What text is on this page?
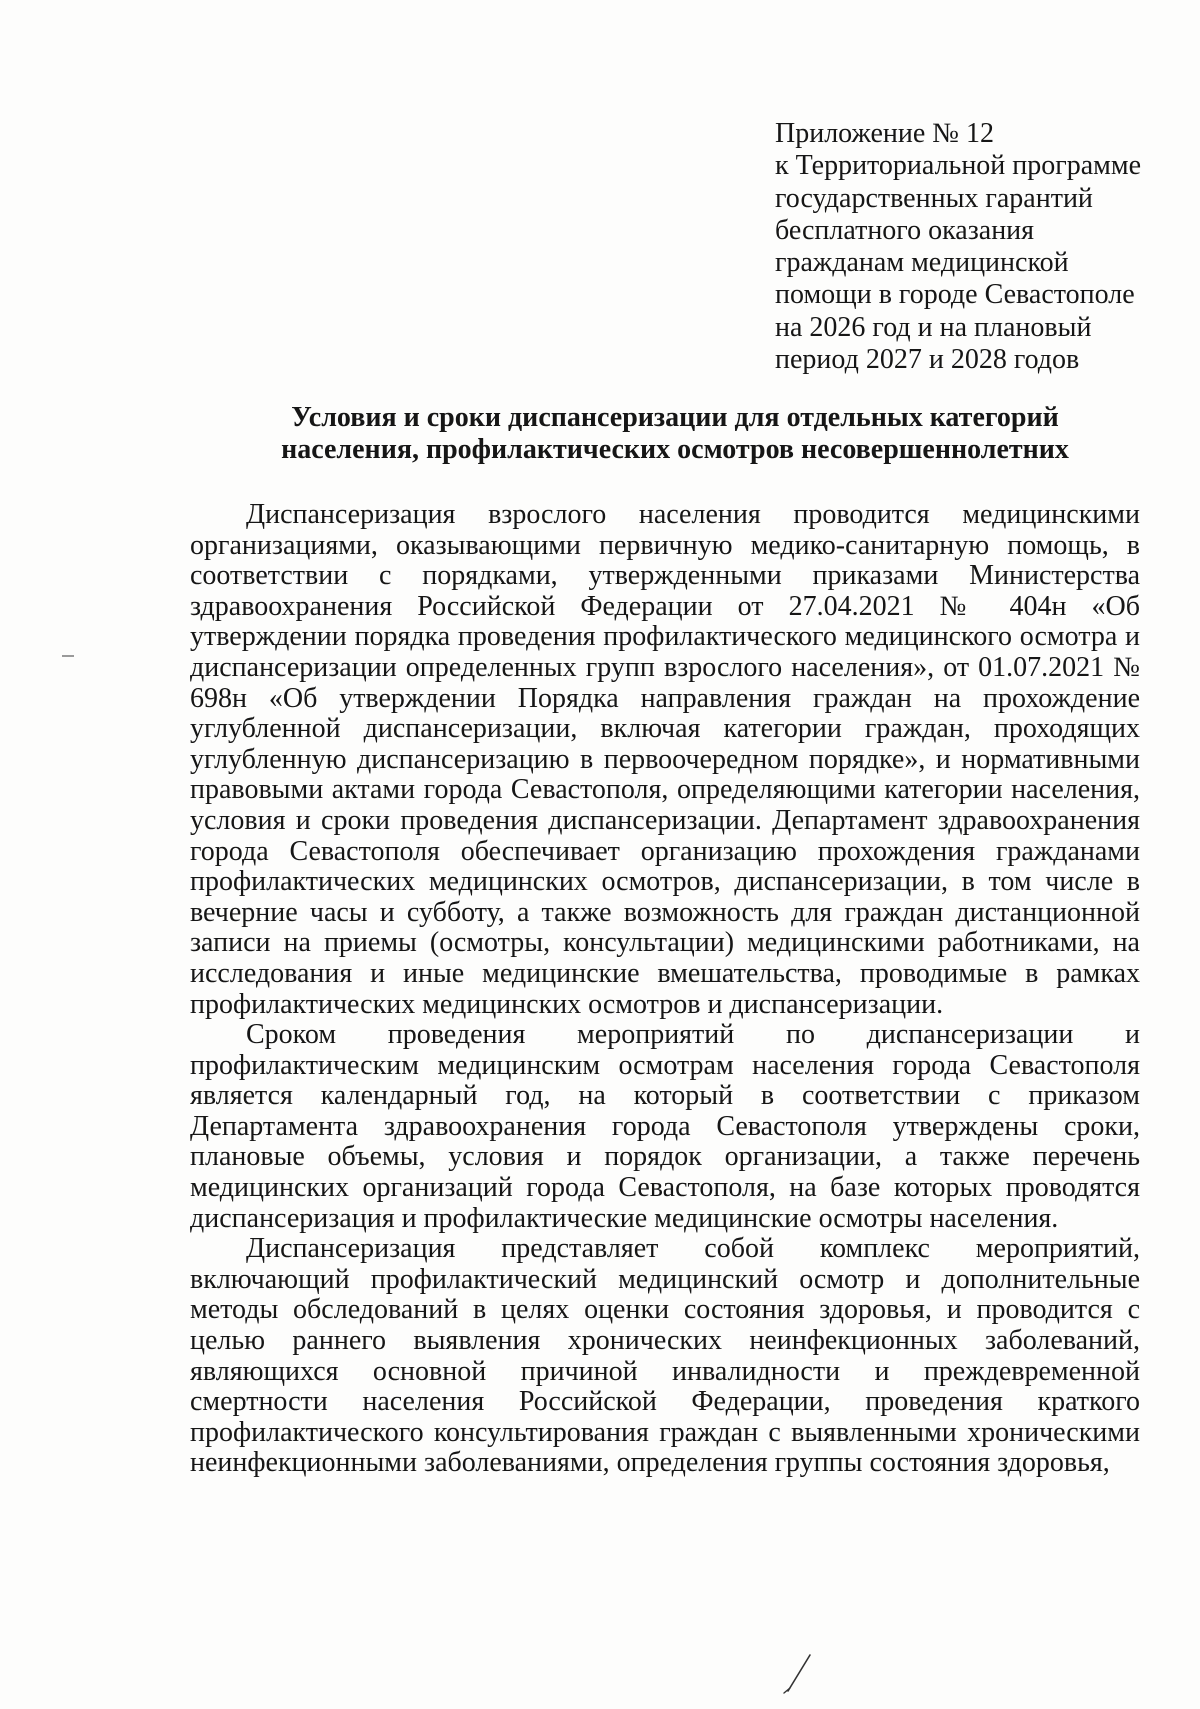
Приложение № 12
к Территориальной программе
государственных гарантий
бесплатного оказания
гражданам медицинской
помощи в городе Севастополе
на 2026 год и на плановый
период 2027 и 2028 годов
Условия и сроки диспансеризации для отдельных категорий
населения, профилактических осмотров несовершеннолетних

Диспансеризация взрослого населения проводится медицинскими организациями, оказывающими первичную медико-санитарную помощь, в соответствии с порядками, утвержденными приказами Министерства здравоохранения Российской Федерации от 27.04.2021 № 404н «Об утверждении порядка проведения профилактического медицинского осмотра и диспансеризации определенных групп взрослого населения», от 01.07.2021 № 698н «Об утверждении Порядка направления граждан на прохождение углубленной диспансеризации, включая категории граждан, проходящих углубленную диспансеризацию в первоочередном порядке», и нормативными правовыми актами города Севастополя, определяющими категории населения, условия и сроки проведения диспансеризации. Департамент здравоохранения города Севастополя обеспечивает организацию прохождения гражданами профилактических медицинских осмотров, диспансеризации, в том числе в вечерние часы и субботу, а также возможность для граждан дистанционной записи на приемы (осмотры, консультации) медицинскими работниками, на исследования и иные медицинские вмешательства, проводимые в рамках профилактических медицинских осмотров и диспансеризации.

Сроком проведения мероприятий по диспансеризации и профилактическим медицинским осмотрам населения города Севастополя является календарный год, на который в соответствии с приказом Департамента здравоохранения города Севастополя утверждены сроки, плановые объемы, условия и порядок организации, а также перечень медицинских организаций города Севастополя, на базе которых проводятся диспансеризация и профилактические медицинские осмотры населения.

Диспансеризация представляет собой комплекс мероприятий, включающий профилактический медицинский осмотр и дополнительные методы обследований в целях оценки состояния здоровья, и проводится с целью раннего выявления хронических неинфекционных заболеваний, являющихся основной причиной инвалидности и преждевременной смертности населения Российской Федерации, проведения краткого профилактического консультирования граждан с выявленными хроническими неинфекционными заболеваниями, определения группы состояния здоровья,
